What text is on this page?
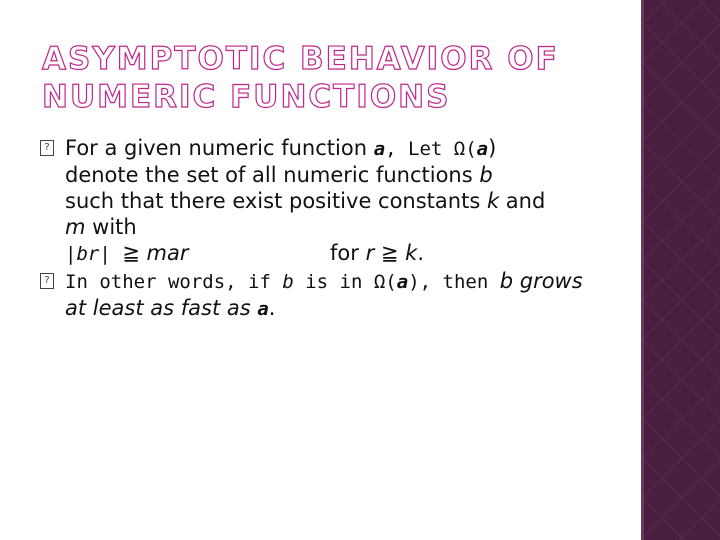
ASYMPTOTIC BEHAVIOR OF
NUMERIC FUNCTIONS
? For a given numeric function a, Let Ω(a)
denote the set of all numeric functions b
such that there exist positive constants k and
m with
|br| ≧ mar	for r ≧ k.
? In other words, if b is in Ω(a), then b grows
at least as fast as a.
